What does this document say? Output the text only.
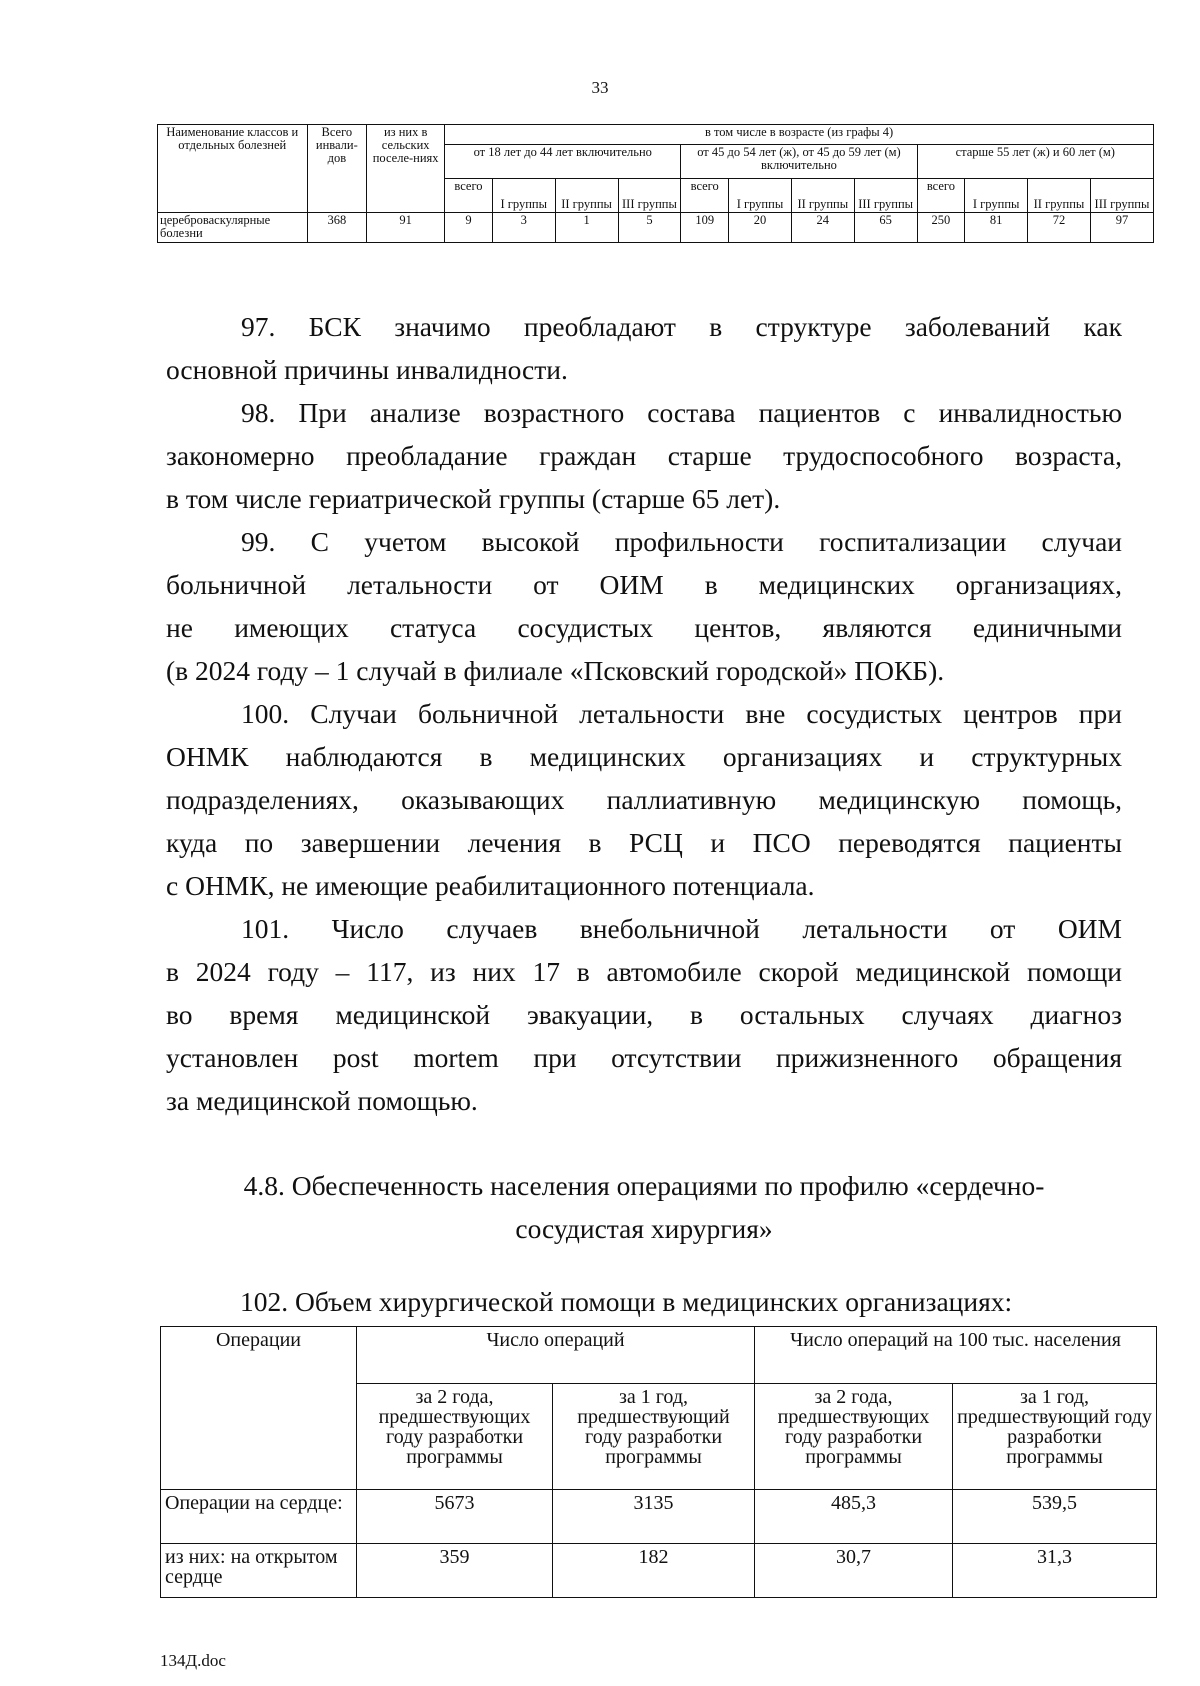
33
Наименование классов и отдельных болезней	Всего инвали-дов	из них в сельских поселе-ниях	в том числе в возрасте (из графы 4)											
			от 18 лет до 44 лет включительно				от 45 до 54 лет (ж), от 45 до 59 лет (м) включительно				старше 55 лет (ж) и 60 лет (м)			
			всего	I группы	II группы	III группы	всего	I группы	II группы	III группы	всего	I группы	II группы	III группы
цереброваскулярные болезни	368	91	9	3	1	5	109	20	24	65	250	81	72	97

97. БСК значимо преобладают в структуре заболеваний как
основной причины инвалидности.

98. При анализе возрастного состава пациентов с инвалидностью
закономерно преобладание граждан старше трудоспособного возраста,
в том числе гериатрической группы (старше 65 лет).

99. С учетом высокой профильности госпитализации случаи
больничной летальности от ОИМ в медицинских организациях,
не имеющих статуса сосудистых центов, являются единичными
(в 2024 году – 1 случай в филиале «Псковский городской» ПОКБ).

100. Случаи больничной летальности вне сосудистых центров при
ОНМК наблюдаются в медицинских организациях и структурных
подразделениях, оказывающих паллиативную медицинскую помощь,
куда по завершении лечения в РСЦ и ПСО переводятся пациенты
с ОНМК, не имеющие реабилитационного потенциала.

101. Число случаев внебольничной летальности от ОИМ
в 2024 году – 117, из них 17 в автомобиле скорой медицинской помощи
во время медицинской эвакуации, в остальных случаях диагноз
установлен post mortem при отсутствии прижизненного обращения
за медицинской помощью.

4.8. Обеспеченность населения операциями по профилю «сердечно-
сосудистая хирургия»
102. Объем хирургической помощи в медицинских организациях:
Операции	Число операций		Число операций на 100 тыс. населения	
	за 2 года, предшествующих году разработки программы	за 1 год, предшествующий году разработки программы	за 2 года, предшествующих году разработки программы	за 1 год, предшествующий году разработки программы
Операции на сердце:	5673	3135	485,3	539,5
из них: на открытом сердце	359	182	30,7	31,3
134Д.doc
